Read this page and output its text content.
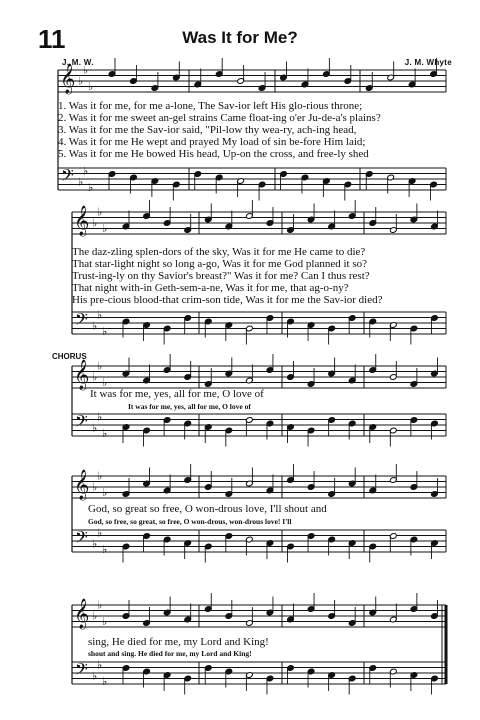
11	Was It for Me?
J. M. W.	J. M. Whyte
𝄞
𝄢
♭
♭
♭
♭
♭
♭
𝄞
𝄢
♭
♭
♭
♭
♭
♭
𝄞
𝄢
♭
♭
♭
♭
♭
♭
𝄞
𝄢
♭
♭
♭
♭
♭
♭
𝄞
𝄢
♭
♭
♭
♭
♭
♭
1. Was it for me, for me a-lone, The Sav-ior left His glo-rious throne;
2. Was it for me sweet an-gel strains Came float-ing o'er Ju-de-a's plains?
3. Was it for me the Sav-ior said, "Pil-low thy wea-ry, ach-ing head,
4. Was it for me He wept and prayed My load of sin be-fore Him laid;
5. Was it for me He bowed His head, Up-on the cross, and free-ly shed
The daz-zling splen-dors of the sky, Was it for me He came to die?
That star-light night so long a-go, Was it for me God planned it so?
Trust-ing-ly on thy Savior's breast?" Was it for me? Can I thus rest?
That night with-in Geth-sem-a-ne, Was it for me, that ag-o-ny?
His pre-cious blood-that crim-son tide, Was it for me the Sav-ior died?
CHORUS
It was for me, yes, all for me, O love of
It was for me, yes, all for me, O love of
God, so great so free, O won-drous love, I'll shout and
God, so free, so great, so free, O won-drous, won-drous love! I'll
sing, He died for me, my Lord and King!
shout and sing. He died for me, my Lord and King!
